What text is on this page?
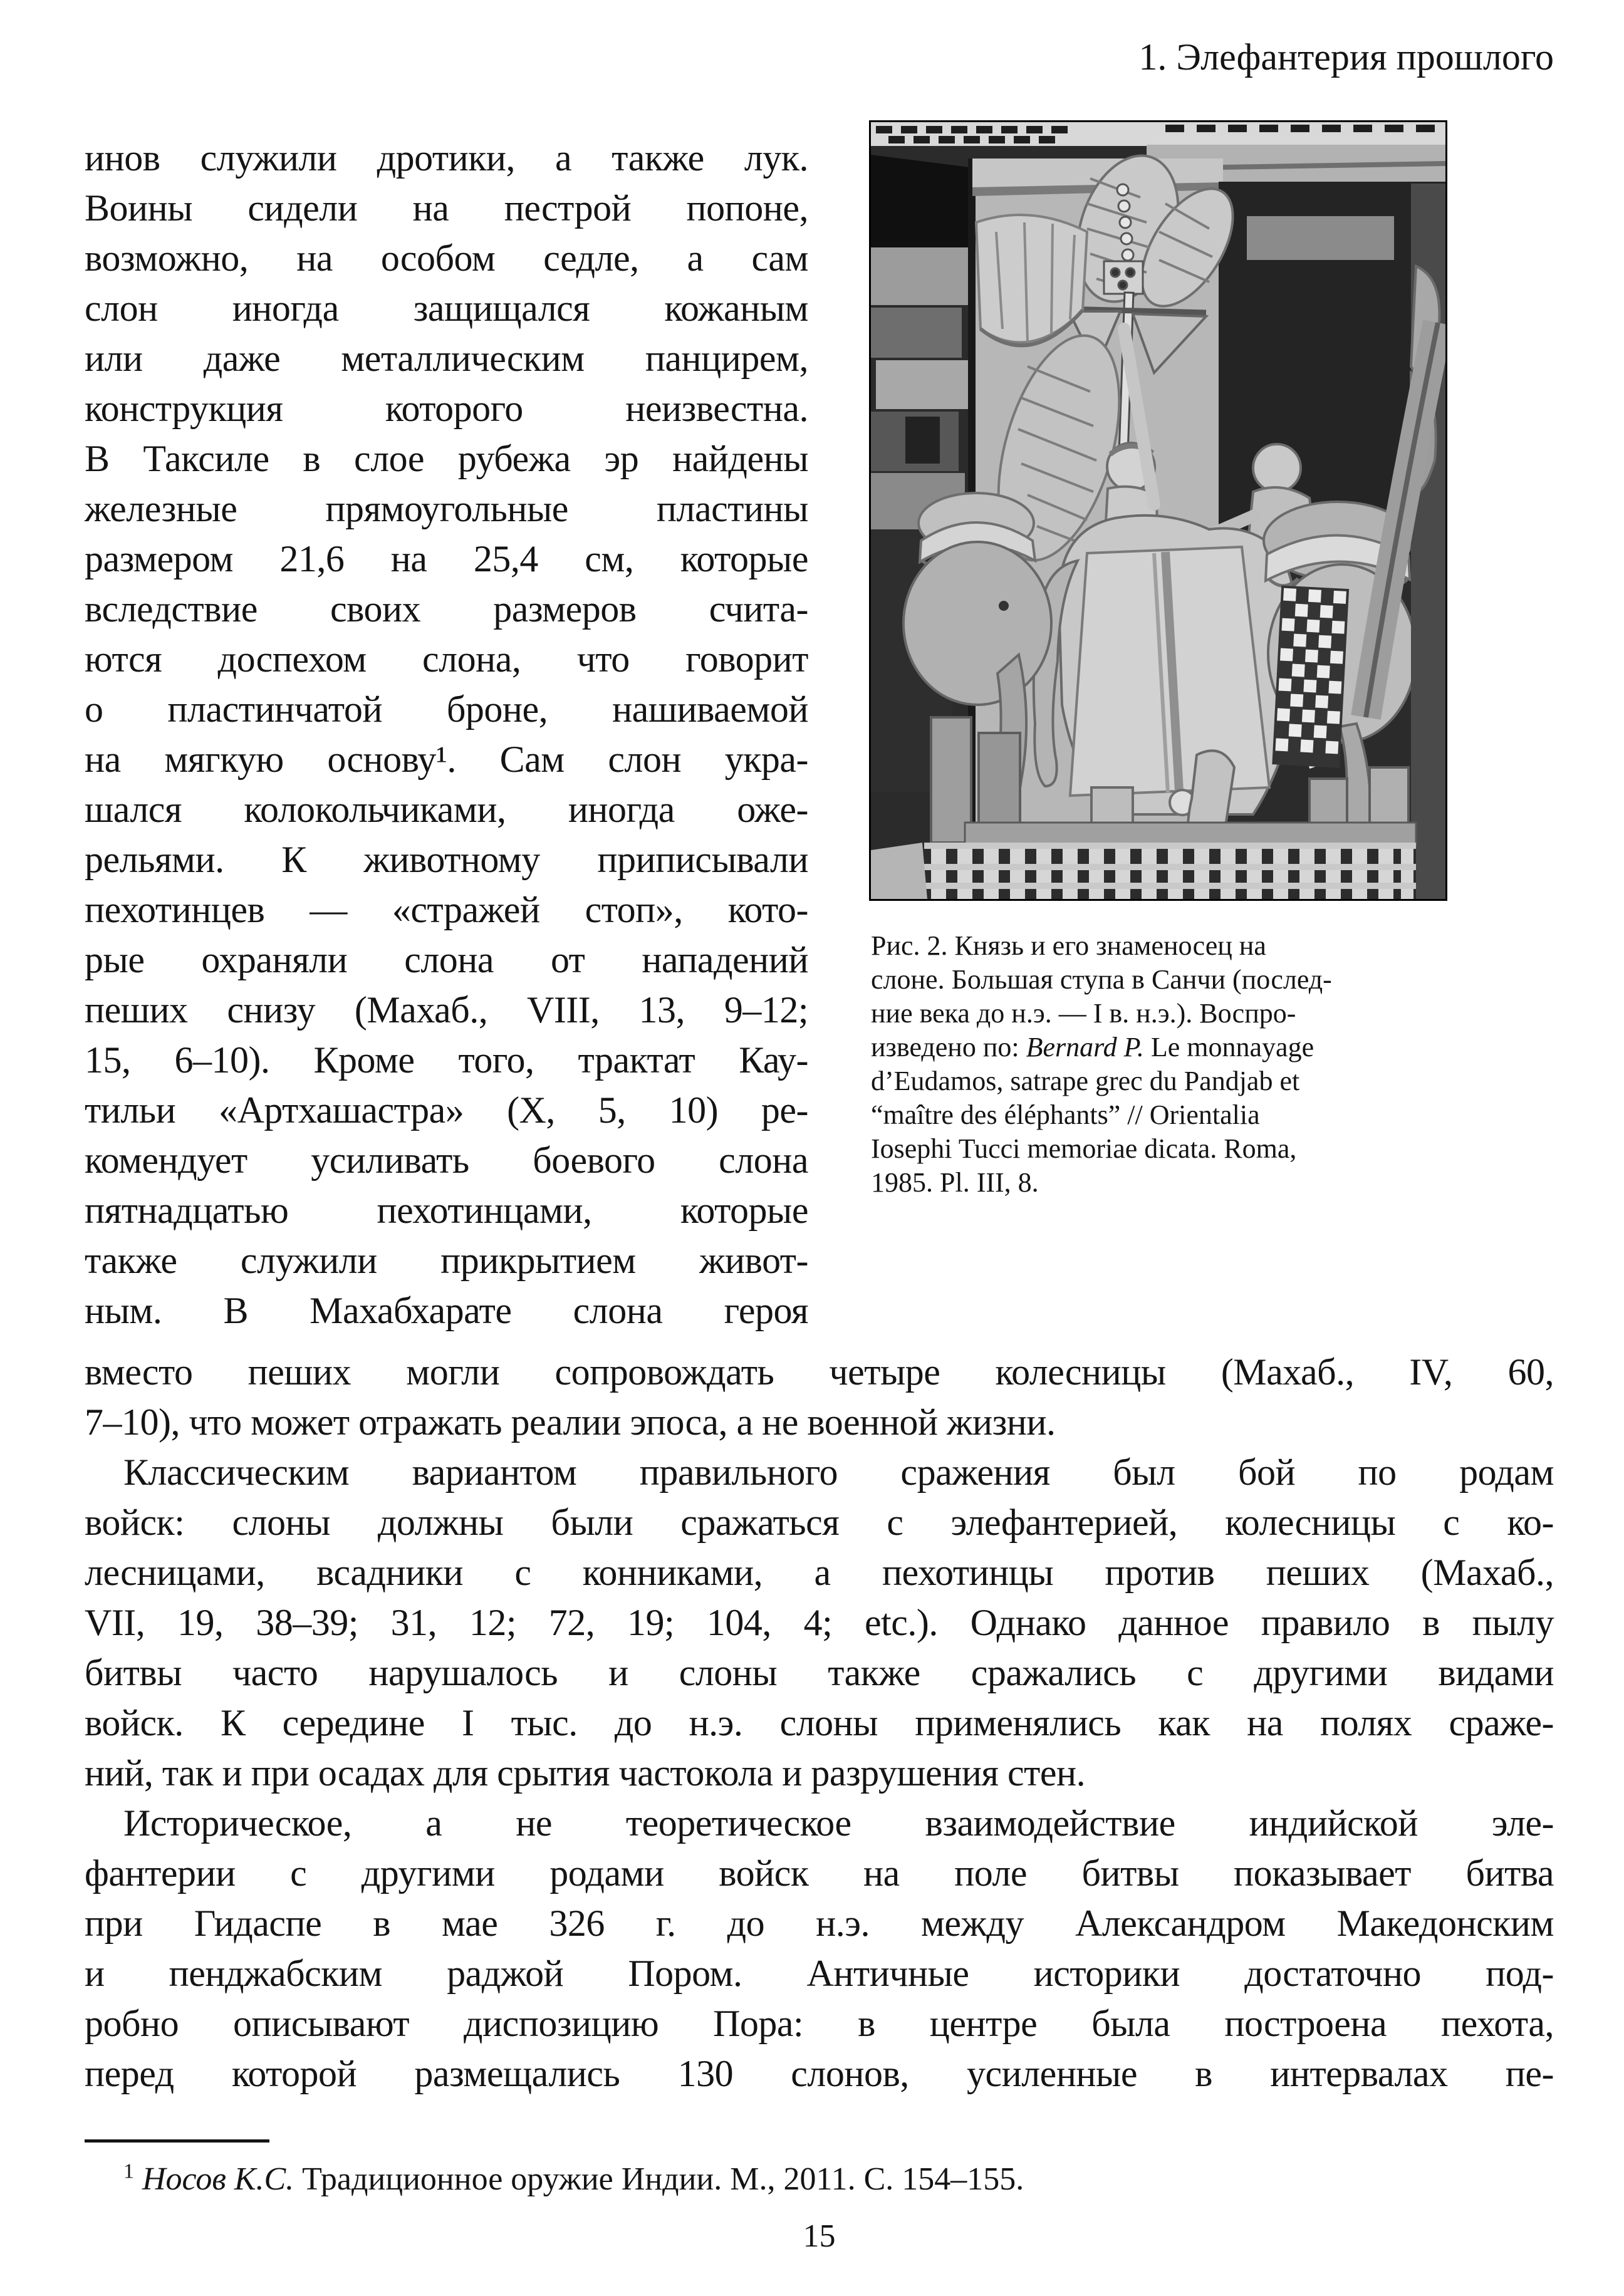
1. Элефантерия прошлого
инов служили дротики, а также лук.
Воины сидели на пестрой попоне,
возможно, на особом седле, а сам
слон иногда защищался кожаным
или даже металлическим панцирем,
конструкция которого неизвестна.
В Таксиле в слое рубежа эр найдены
железные прямоугольные пластины
размером 21,6 на 25,4 см, которые
вследствие своих размеров счита-
ются доспехом слона, что говорит
о пластинчатой броне, нашиваемой
на мягкую основу¹. Сам слон укра-
шался колокольчиками, иногда оже-
рельями. К животному приписывали
пехотинцев — «стражей стоп», кото-
рые охраняли слона от нападений
пеших снизу (Махаб., VIII, 13, 9–12;
15, 6–10). Кроме того, трактат Кау-
тильи «Артхашастра» (X, 5, 10) ре-
комендует усиливать боевого слона
пятнадцатью пехотинцами, которые
также служили прикрытием живот-
ным. В Махабхарате слона героя
Рис. 2. Князь и его знаменосец на
слоне. Большая ступа в Санчи (послед-
ние века до н.э. — I в. н.э.). Воспро-
изведено по: Bernard P. Le monnayage
d’Eudamos, satrape grec du Pandjab et
“maître des éléphants” // Orientalia
Iosephi Tucci memoriae dicata. Roma,
1985. Pl. III, 8.
вместо пеших могли сопровождать четыре колесницы (Махаб., IV, 60,
7–10), что может отражать реалии эпоса, а не военной жизни.
Классическим вариантом правильного сражения был бой по родам
войск: слоны должны были сражаться с элефантерией, колесницы с ко-
лесницами, всадники с конниками, а пехотинцы против пеших (Махаб.,
VII, 19, 38–39; 31, 12; 72, 19; 104, 4; etc.). Однако данное правило в пылу
битвы часто нарушалось и слоны также сражались с другими видами
войск. К середине I тыс. до н.э. слоны применялись как на полях сраже-
ний, так и при осадах для срытия частокола и разрушения стен.
Историческое, а не теоретическое взаимодействие индийской эле-
фантерии с другими родами войск на поле битвы показывает битва
при Гидаспе в мае 326 г. до н.э. между Александром Македонским
и пенджабским раджой Пором. Античные историки достаточно под-
робно описывают диспозицию Пора: в центре была построена пехота,
перед которой размещались 130 слонов, усиленные в интервалах пе-
$^1$ Носов К.С. Традиционное оружие Индии. М., 2011. С. 154–155.
15
